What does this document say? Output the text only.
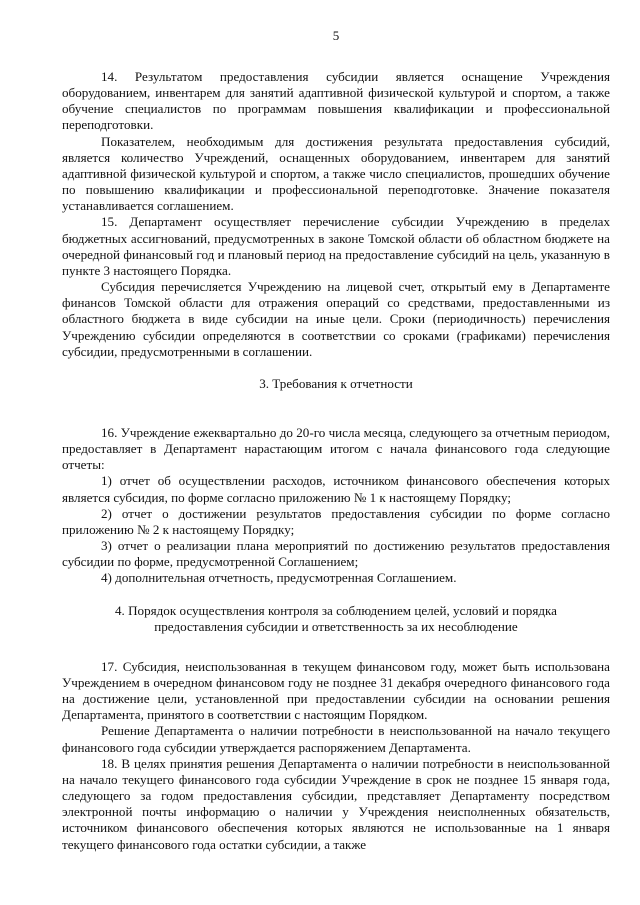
5

14. Результатом предоставления субсидии является оснащение Учреждения оборудованием, инвентарем для занятий адаптивной физической культурой и спортом, а также обучение специалистов по программам повышения квалификации и профессиональной переподготовки.

Показателем, необходимым для достижения результата предоставления субсидий, является количество Учреждений, оснащенных оборудованием, инвентарем для занятий адаптивной физической культурой и спортом, а также число специалистов, прошедших обучение по повышению квалификации и профессиональной переподготовке. Значение показателя устанавливается соглашением.

15. Департамент осуществляет перечисление субсидии Учреждению в пределах бюджетных ассигнований, предусмотренных в законе Томской области об областном бюджете на очередной финансовый год и плановый период на предоставление субсидий на цель, указанную в пункте 3 настоящего Порядка.

Субсидия перечисляется Учреждению на лицевой счет, открытый ему в Департаменте финансов Томской области для отражения операций со средствами, предоставленными из областного бюджета в виде субсидии на иные цели. Сроки (периодичность) перечисления Учреждению субсидии определяются в соответствии со сроками (графиками) перечисления субсидии, предусмотренными в соглашении.

3. Требования к отчетности

16. Учреждение ежеквартально до 20-го числа месяца, следующего за отчетным периодом, предоставляет в Департамент нарастающим итогом с начала финансового года следующие отчеты:

1) отчет об осуществлении расходов, источником финансового обеспечения которых является субсидия, по форме согласно приложению № 1 к настоящему Порядку;

2) отчет о достижении результатов предоставления субсидии по форме согласно приложению № 2 к настоящему Порядку;

3) отчет о реализации плана мероприятий по достижению результатов предоставления субсидии по форме, предусмотренной Соглашением;

4) дополнительная отчетность, предусмотренная Соглашением.

4. Порядок осуществления контроля за соблюдением целей, условий и порядка
предоставления субсидии и ответственность за их несоблюдение

17. Субсидия, неиспользованная в текущем финансовом году, может быть использована Учреждением в очередном финансовом году не позднее 31 декабря очередного финансового года на достижение цели, установленной при предоставлении субсидии на основании решения Департамента, принятого в соответствии с настоящим Порядком.

Решение Департамента о наличии потребности в неиспользованной на начало текущего финансового года субсидии утверждается распоряжением Департамента.

18. В целях принятия решения Департамента о наличии потребности в неиспользованной на начало текущего финансового года субсидии Учреждение в срок не позднее 15 января года, следующего за годом предоставления субсидии, представляет Департаменту посредством электронной почты информацию о наличии у Учреждения неисполненных обязательств, источником финансового обеспечения которых являются не использованные на 1 января текущего финансового года остатки субсидии, а также
